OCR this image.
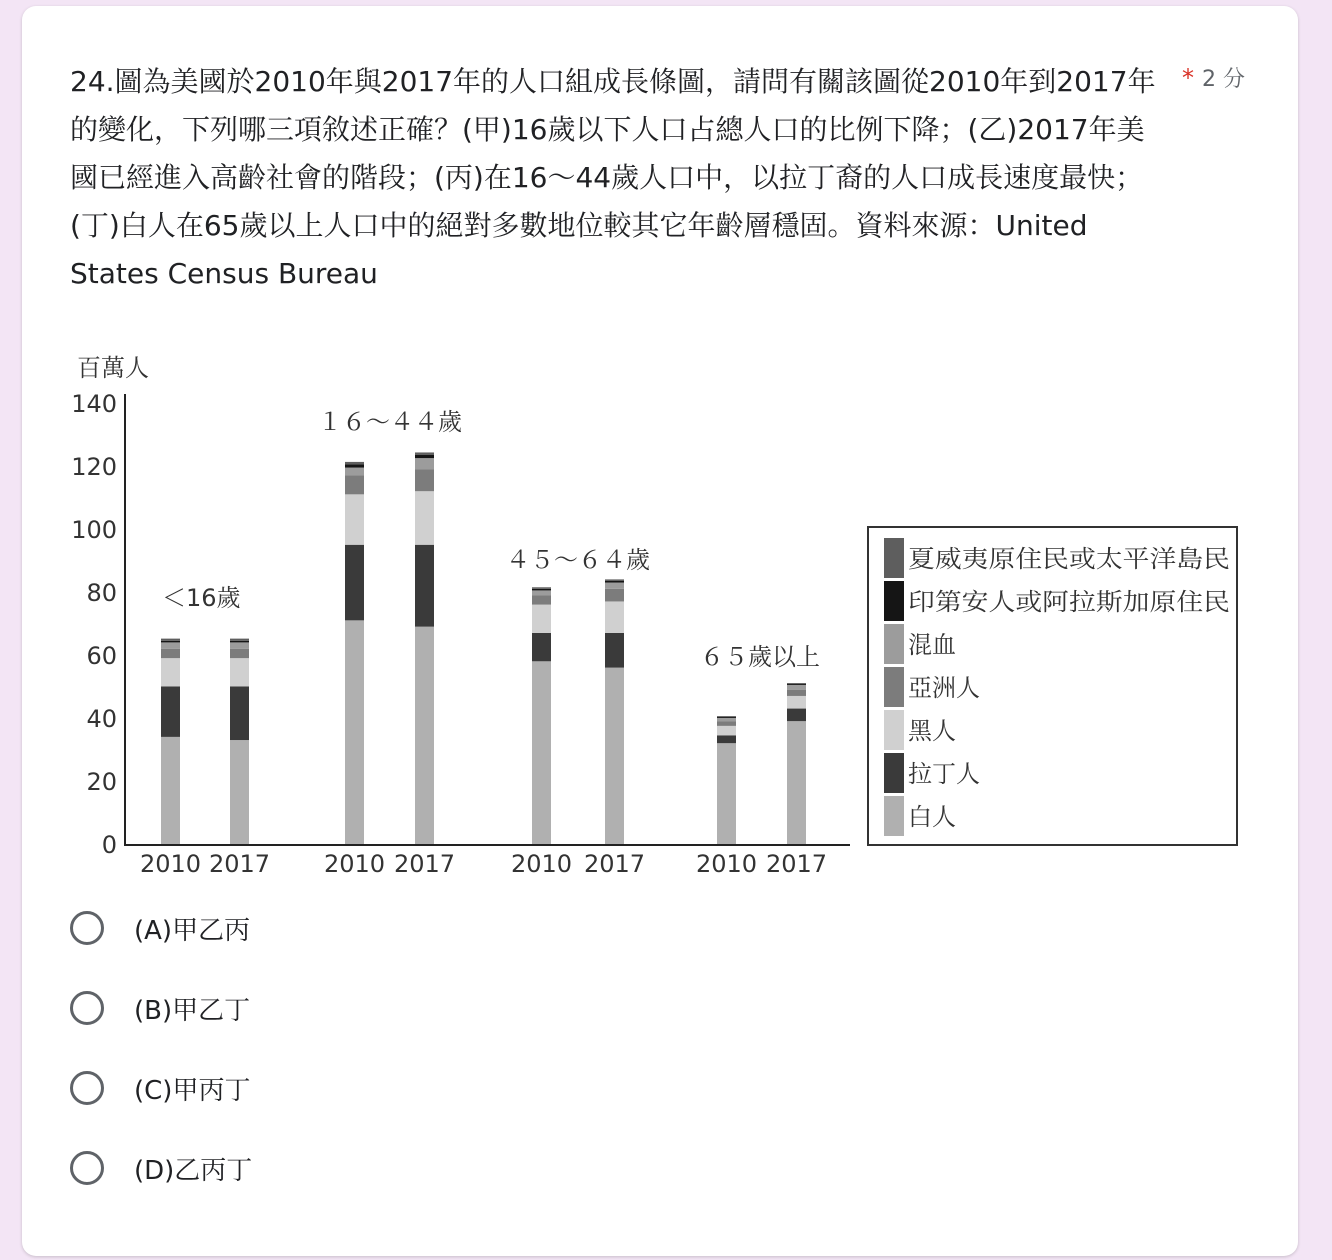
24.圖為美國於2010年與2017年的人口組成長條圖，請問有關該圖從2010年到2017年的變化，下列哪三項敘述正確？(甲)16歲以下人口占總人口的比例下降；(乙)2017年美國已經進入高齡社會的階段；(丙)在16～44歲人口中，以拉丁裔的人口成長速度最快；(丁)白人在65歲以上人口中的絕對多數地位較其它年齡層穩固。資料來源：United States Census Bureau
* 2 分
百萬人
0
20
40
60
80
100
120
140
2010 2017 2010 2017 2010 2017 2010 2017
＜16歲
１６～４４歲
４５～６４歲
６５歲以上
夏威夷原住民或太平洋島民
印第安人或阿拉斯加原住民
混血
亞洲人
黑人
拉丁人
白人
(A)甲乙丙
(B)甲乙丁
(C)甲丙丁
(D)乙丙丁
